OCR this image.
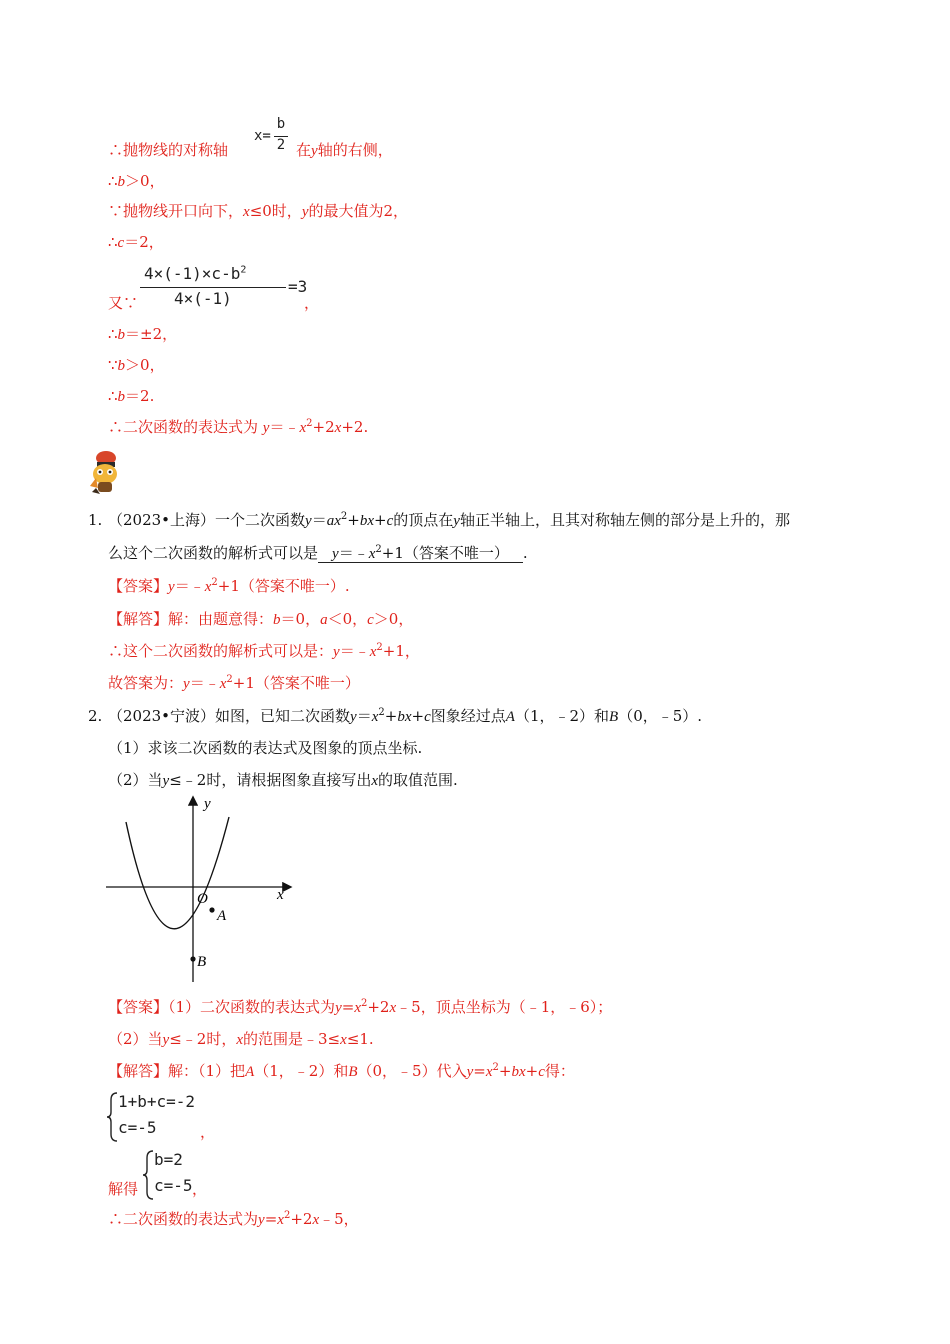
∴抛物线的对称轴
x=
b
2 在y轴的右侧，
∴b＞0，
∵抛物线开口向下，x≤0时，y的最大值为2，
∴c＝2，
又∵
$4\times(-1)\times c-b^2$
4×(-1)
=3
，
∴b＝±2，
∵b＞0，
∴b＝2.
∴二次函数的表达式为 $y=﹣x^2+2x+2$.
1. （2023•上海）一个二次函数$y=ax^2+bx+c$的顶点在y轴正半轴上，且其对称轴左侧的部分是上升的，那
么这个二次函数的解析式可以是 $y=﹣x^2+1$（答案不唯一） .
【答案】$y=﹣x^2+1$（答案不唯一）.
【解答】解：由题意得：b＝0，a＜0，c＞0，
∴这个二次函数的解析式可以是：$y=﹣x^2+1$，
故答案为：$y=﹣x^2+1$（答案不唯一）
2. （2023•宁波）如图，已知二次函数$y=x^2+bx+c$图象经过点A（1，﹣2）和B（0，﹣5）.
（1）求该二次函数的表达式及图象的顶点坐标.
（2）当y≤﹣2时，请根据图象直接写出x的取值范围.
y
x
O
A
B
【答案】（1）二次函数的表达式为$y=x^2+2x﹣5$，顶点坐标为（﹣1，﹣6）；
（2）当y≤﹣2时，x的范围是﹣3≤x≤1.
【解答】解：（1）把A（1，﹣2）和B（0，﹣5）代入$y=x^2+bx+c$得：
1+b+c=-2
c=-5	，
解得
b=2
c=-5 ，
∴二次函数的表达式为$y=x^2+2x﹣5$，
